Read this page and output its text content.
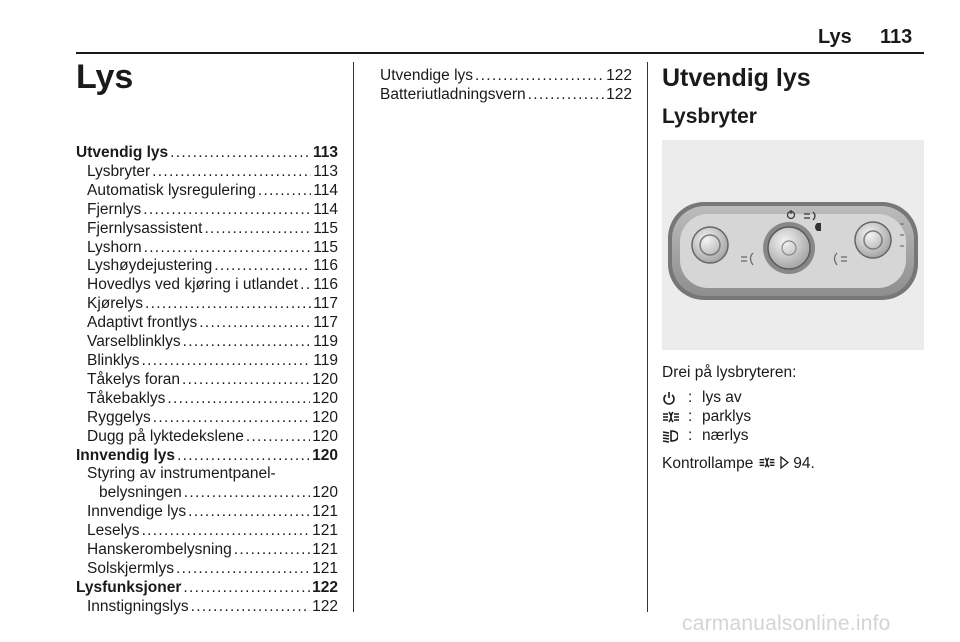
Lys 113
Lys
Utvendig lys . . .	113
Lysbryter . . .	113
Automatisk lysregulering . . .	114
Fjernlys . . .	114
Fjernlysassistent . . .	115
Lyshorn . . .	115
Lyshøydejustering . . .	116
Hovedlys ved kjøring i utlandet . . . 116
Kjørelys . . .	117
Adaptivt frontlys . . .	117
Varselblinklys . . .	119
Blinklys . . .	119
Tåkelys foran . . .	120
Tåkebaklys . . .	120
Ryggelys . . .	120
Dugg på lyktedekslene . . .	120
Innvendig lys . . .	120
Styring av instrumentpanel-
belysningen . . .	120
Innvendige lys . . .	121
Leselys . . .	121
Hanskerombelysning . . .	121
Solskjermlys . . .	121
Lysfunksjoner . . .	122
Innstigningslys . . .	122
Utvendige lys . . .	122
Batteriutladningsvern . . .	122
Utvendig lys
Lysbryter
Drei på lysbryteren:
: lys av
: parklys
: nærlys
Kontrollampe	94.
carmanualsonline.info
